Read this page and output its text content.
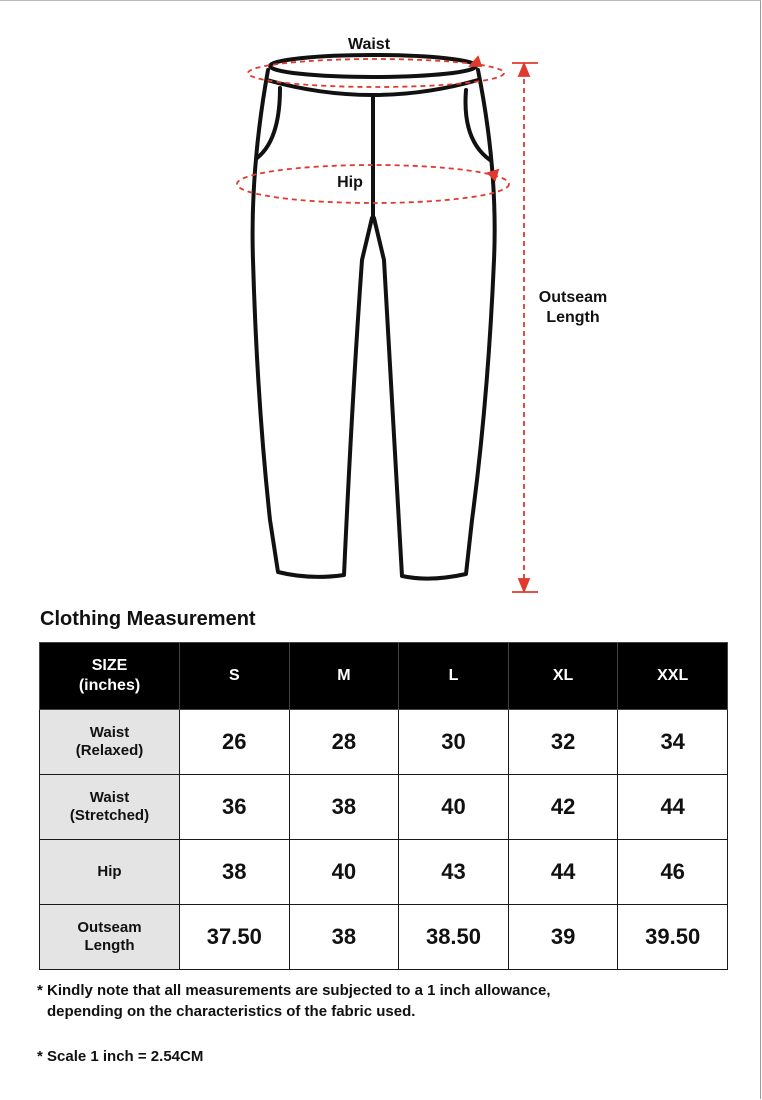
Waist
Hip
Outseam
Length
Clothing Measurement
SIZE
(inches)	S	M	L	XL	XXL
Waist
(Relaxed)	26	28	30	32	34
Waist
(Stretched)	36	38	40	42	44
Hip	38	40	43	44	46
Outseam
Length	37.50	38	38.50	39	39.50

* Kindly note that all measurements are subjected to a 1 inch allowance,
depending on the characteristics of the fabric used.

* Scale 1 inch = 2.54CM
